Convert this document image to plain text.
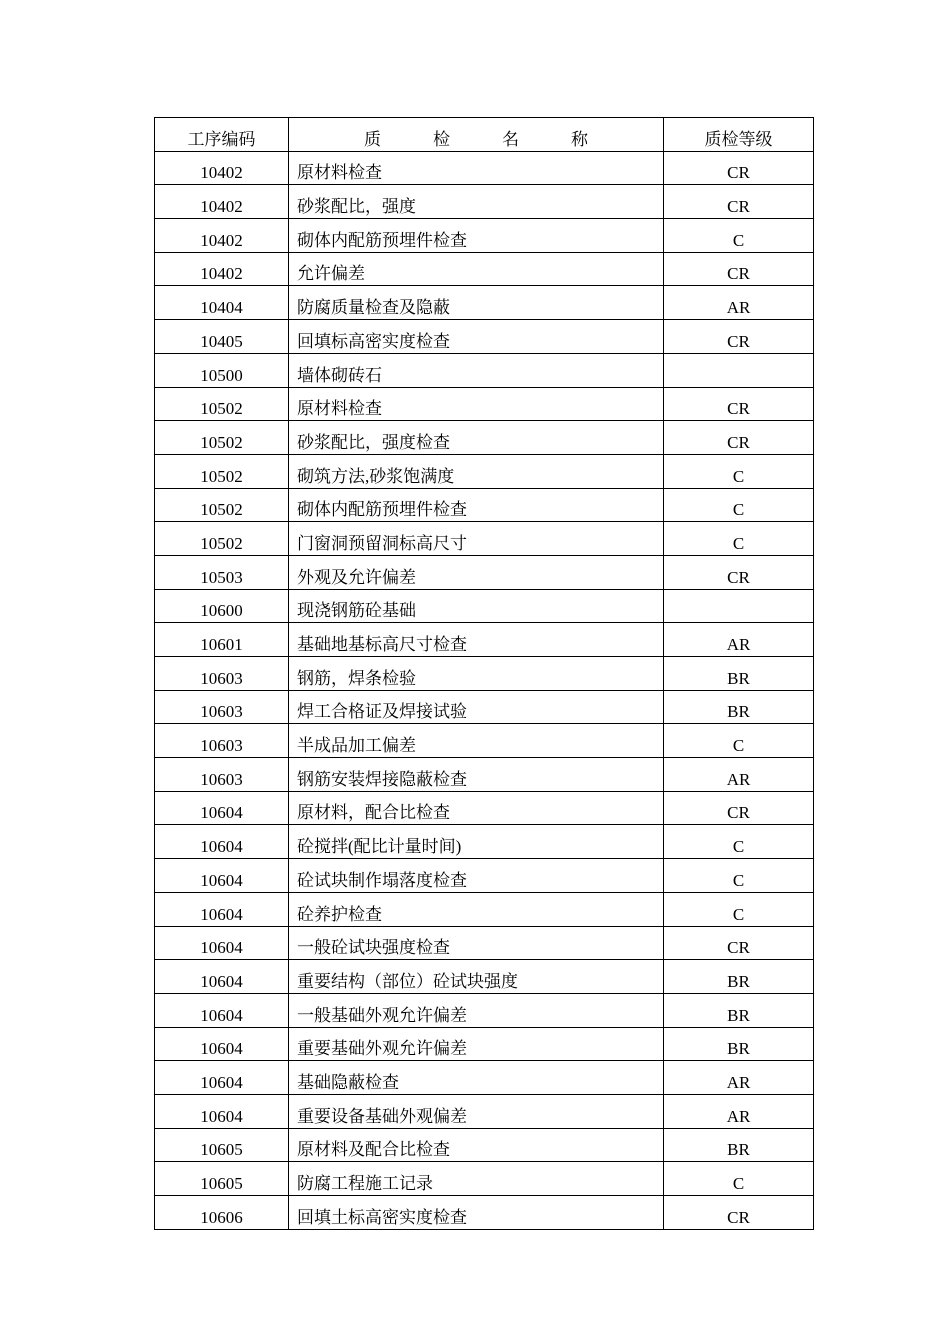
工序编码	质 检 名 称	质检等级
10402	原材料检查	CR
10402	砂浆配比，强度	CR
10402	砌体内配筋预埋件检查	C
10402	允许偏差	CR
10404	防腐质量检查及隐蔽	AR
10405	回填标高密实度检查	CR
10500	墙体砌砖石	
10502	原材料检查	CR
10502	砂浆配比，强度检查	CR
10502	砌筑方法,砂浆饱满度	C
10502	砌体内配筋预埋件检查	C
10502	门窗洞预留洞标高尺寸	C
10503	外观及允许偏差	CR
10600	现浇钢筋砼基础	
10601	基础地基标高尺寸检查	AR
10603	钢筋，焊条检验	BR
10603	焊工合格证及焊接试验	BR
10603	半成品加工偏差	C
10603	钢筋安装焊接隐蔽检查	AR
10604	原材料，配合比检查	CR
10604	砼搅拌(配比计量时间)	C
10604	砼试块制作塌落度检查	C
10604	砼养护检查	C
10604	一般砼试块强度检查	CR
10604	重要结构（部位）砼试块强度	BR
10604	一般基础外观允许偏差	BR
10604	重要基础外观允许偏差	BR
10604	基础隐蔽检查	AR
10604	重要设备基础外观偏差	AR
10605	原材料及配合比检查	BR
10605	防腐工程施工记录	C
10606	回填土标高密实度检查	CR
